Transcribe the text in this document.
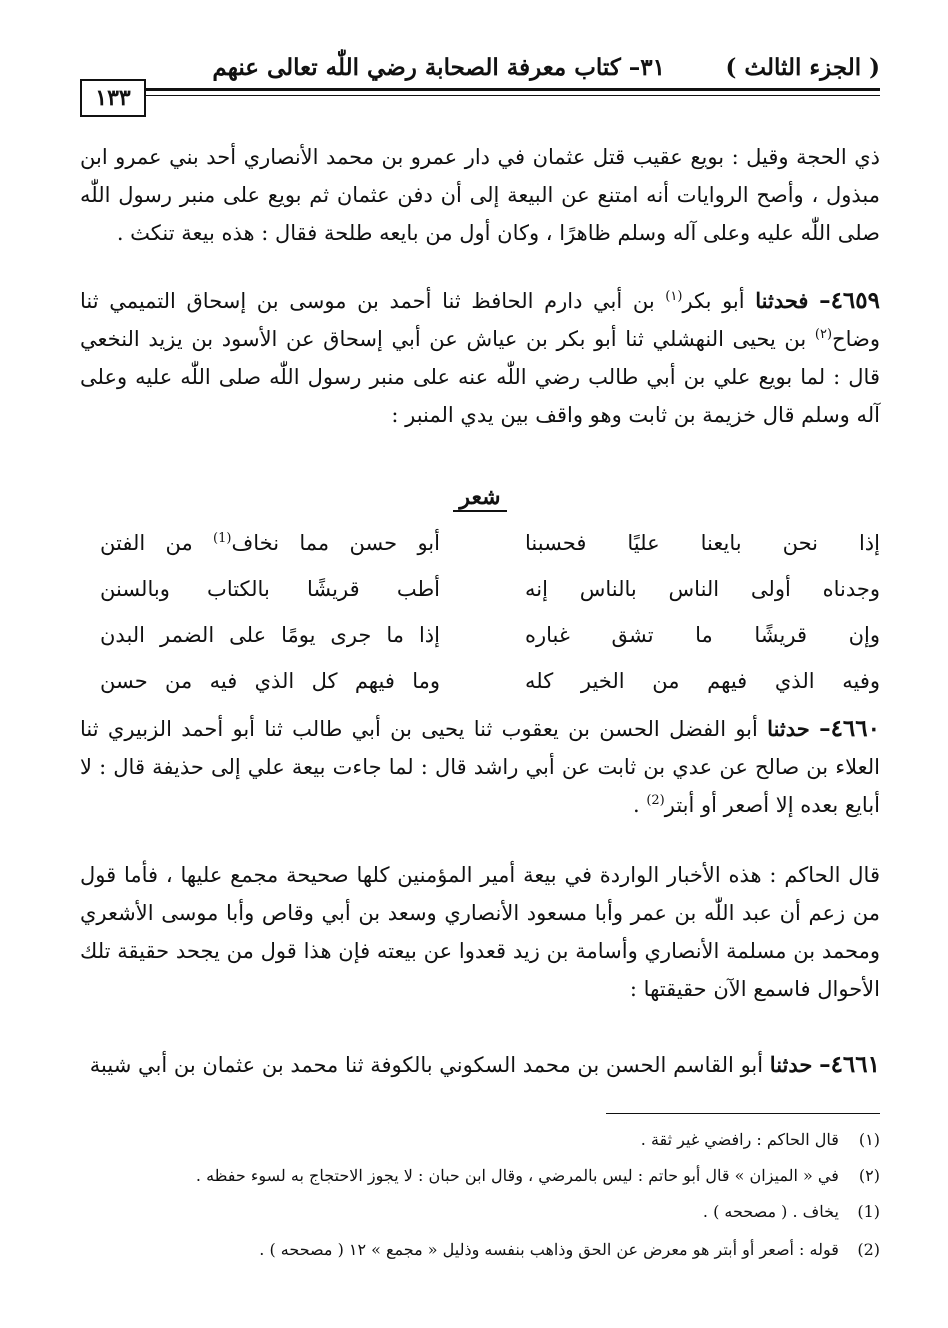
( الجزء الثالث )
٣١– كتاب معرفة الصحابة رضي اللّٰه تعالى عنهم
١٣٣
ذي الحجة وقيل : بويع عقيب قتل عثمان في دار عمرو بن محمد الأنصاري أحد بني عمرو ابن مبذول ، وأصح الروايات أنه امتنع عن البيعة إلى أن دفن عثمان ثم بويع على منبر رسول اللّٰه صلى اللّٰه عليه وعلى آله وسلم ظاهرًا ، وكان أول من بايعه طلحة فقال : هذه بيعة تنكث .
٤٦٥٩– فحدثنا أبو بكر$^{(١)}$ بن أبي دارم الحافظ ثنا أحمد بن موسى بن إسحاق التميمي ثنا وضاح$^{(٢)}$ بن يحيى النهشلي ثنا أبو بكر بن عياش عن أبي إسحاق عن الأسود بن يزيد النخعي قال : لما بويع علي بن أبي طالب رضي اللّٰه عنه على منبر رسول اللّٰه صلى اللّٰه عليه وعلى آله وسلم قال خزيمة بن ثابت وهو واقف بين يدي المنبر :
شعر
إذا نحن بايعنا عليًا فحسبنا
أبو حسن مما نخاف$^{(1)}$ من الفتن
وجدناه أولى الناس بالناس إنه
أطب قريشًا بالكتاب وبالسنن
وإن قريشًا ما تشق غباره
إذا ما جرى يومًا على الضمر البدن
وفيه الذي فيهم من الخير كله
وما فيهم كل الذي فيه من حسن
٤٦٦٠– حدثنا أبو الفضل الحسن بن يعقوب ثنا يحيى بن أبي طالب ثنا أبو أحمد الزبيري ثنا العلاء بن صالح عن عدي بن ثابت عن أبي راشد قال : لما جاءت بيعة علي إلى حذيفة قال : لا أبايع بعده إلا أصعر أو أبتر$^{(2)}$ .
قال الحاكم : هذه الأخبار الواردة في بيعة أمير المؤمنين كلها صحيحة مجمع عليها ، فأما قول من زعم أن عبد اللّٰه بن عمر وأبا مسعود الأنصاري وسعد بن أبي وقاص وأبا موسى الأشعري ومحمد بن مسلمة الأنصاري وأسامة بن زيد قعدوا عن بيعته فإن هذا قول من يجحد حقيقة تلك الأحوال فاسمع الآن حقيقتها :
٤٦٦١– حدثنا أبو القاسم الحسن بن محمد السكوني بالكوفة ثنا محمد بن عثمان بن أبي شيبة
(١) قال الحاكم : رافضي غير ثقة .
(٢) في « الميزان » قال أبو حاتم : ليس بالمرضي ، وقال ابن حبان : لا يجوز الاحتجاج به لسوء حفظه .
(1) يخاف . ( مصححه ) .
(2) قوله : أصعر أو أبتر هو معرض عن الحق وذاهب بنفسه وذليل « مجمع » ١٢ ( مصححه ) .
